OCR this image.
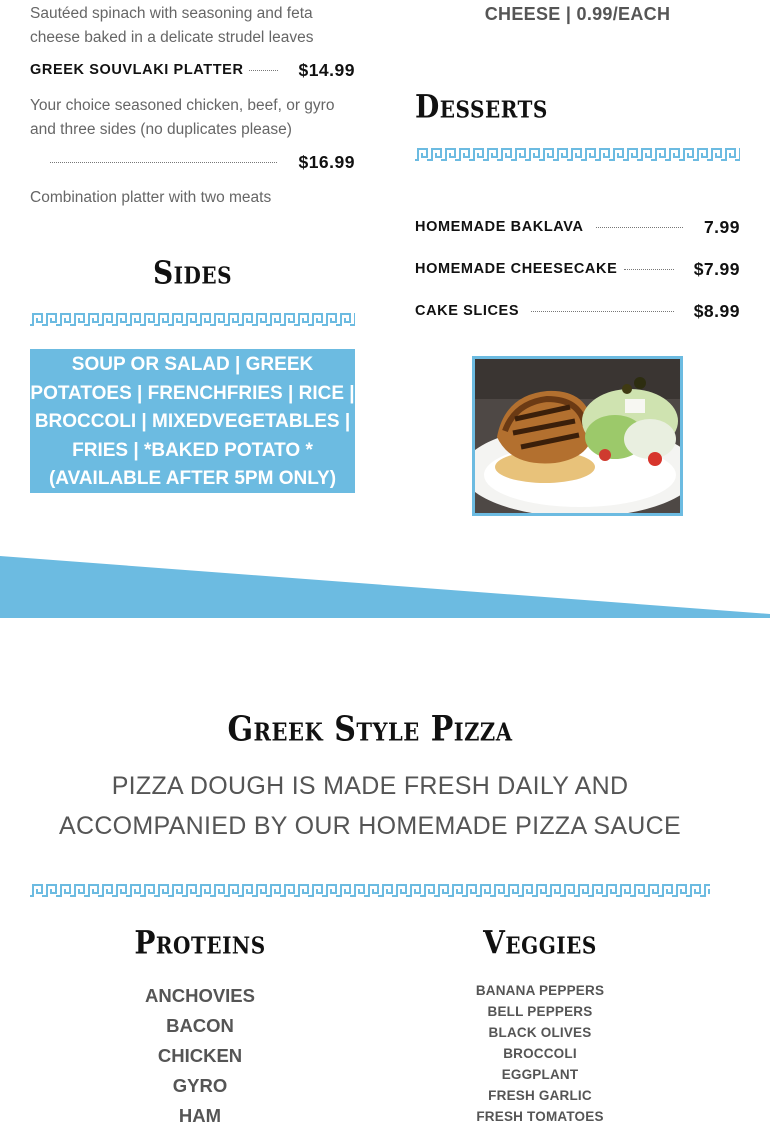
Sautéed spinach with seasoning and feta cheese baked in a delicate strudel leaves
GREEK SOUVLAKI PLATTER	$14.99
Your choice seasoned chicken, beef, or gyro and three sides (no duplicates please)
$16.99
Combination platter with two meats
Sides
SOUP OR SALAD | GREEK POTATOES | FRENCHFRIES | RICE | BROCCOLI | MIXEDVEGETABLES | FRIES | *BAKED POTATO *(AVAILABLE AFTER 5PM ONLY)
CHEESE | 0.99/EACH
Desserts
HOMEMADE BAKLAVA	7.99
HOMEMADE CHEESECAKE	$7.99
CAKE SLICES	$8.99
Greek Style Pizza
PIZZA DOUGH IS MADE FRESH DAILY AND ACCOMPANIED BY OUR HOMEMADE PIZZA SAUCE
Proteins
ANCHOVIES
BACON
CHICKEN
GYRO
HAM
Veggies
BANANA PEPPERS
BELL PEPPERS
BLACK OLIVES
BROCCOLI
EGGPLANT
FRESH GARLIC
FRESH TOMATOES
